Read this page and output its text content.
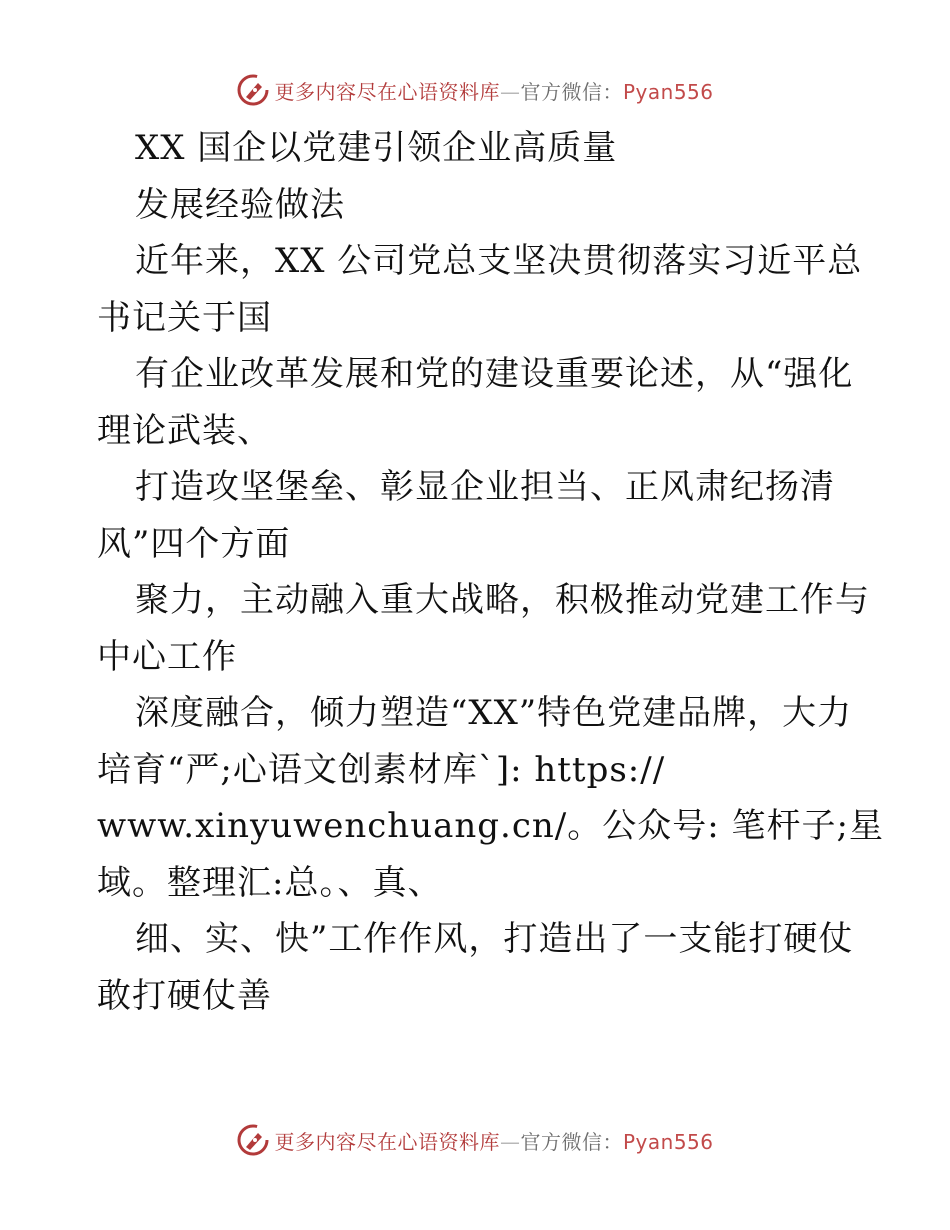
更多内容尽在心语资料库—官方微信：Pyan556
XX 国企以党建引领企业高质量
发展经验做法
近年来，XX 公司党总支坚决贯彻落实习近平总
书记关于国
有企业改革发展和党的建设重要论述，从“强化
理论武装、
打造攻坚堡垒、彰显企业担当、正风肃纪扬清
风”四个方面
聚力，主动融入重大战略，积极推动党建工作与
中心工作
深度融合，倾力塑造“XX”特色党建品牌，大力
培育“严;心语文创素材库`]: https://
www.xinyuwenchuang.cn/。公众号: 笔杆子;星
域。整理汇:总。、真、
细、实、快”工作作风，打造出了一支能打硬仗
敢打硬仗善
更多内容尽在心语资料库—官方微信：Pyan556
